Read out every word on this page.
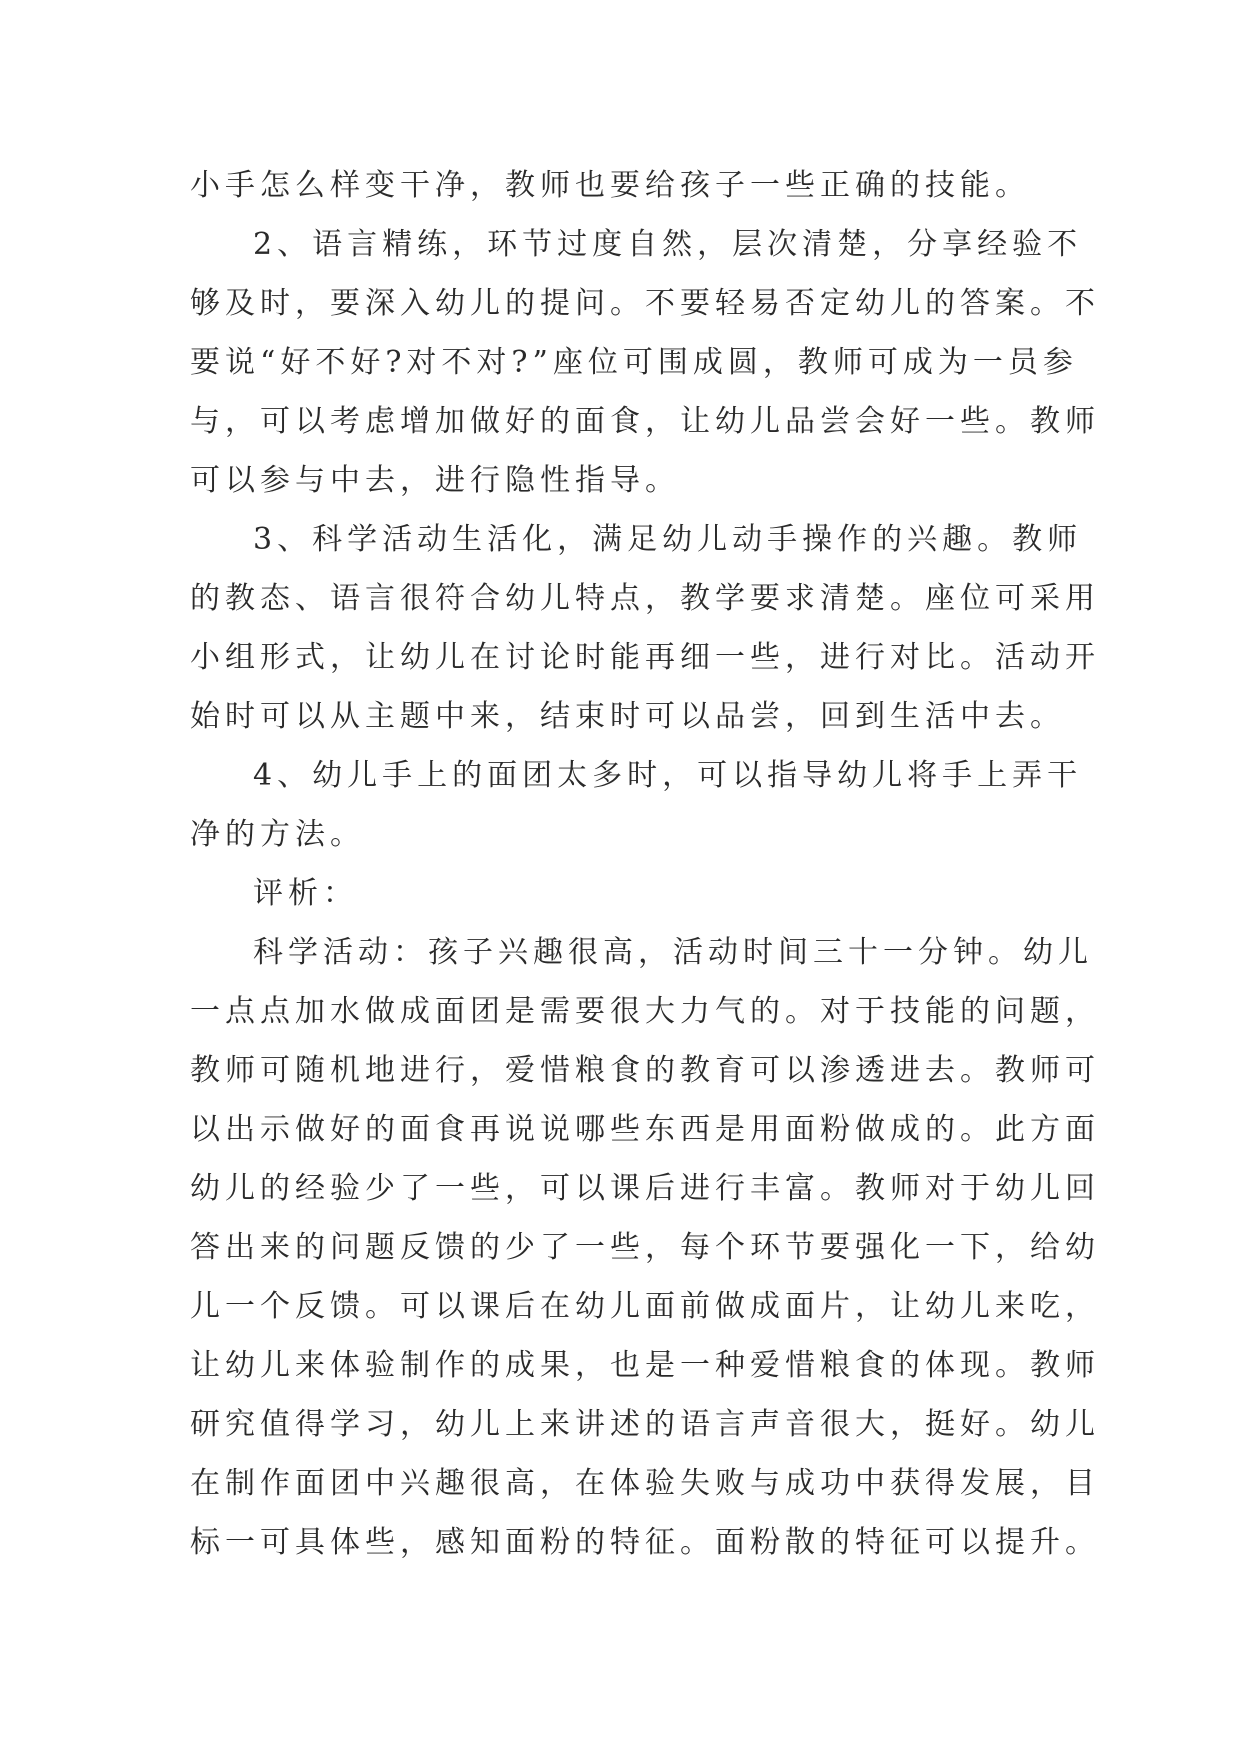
小手怎么样变干净，教师也要给孩子一些正确的技能。
2、语言精练，环节过度自然，层次清楚，分享经验不
够及时，要深入幼儿的提问。不要轻易否定幼儿的答案。不
要说“好不好?对不对?”座位可围成圆，教师可成为一员参
与，可以考虑增加做好的面食，让幼儿品尝会好一些。教师
可以参与中去，进行隐性指导。
3、科学活动生活化，满足幼儿动手操作的兴趣。教师
的教态、语言很符合幼儿特点，教学要求清楚。座位可采用
小组形式，让幼儿在讨论时能再细一些，进行对比。活动开
始时可以从主题中来，结束时可以品尝，回到生活中去。
4、幼儿手上的面团太多时，可以指导幼儿将手上弄干
净的方法。
评析：
科学活动：孩子兴趣很高，活动时间三十一分钟。幼儿
一点点加水做成面团是需要很大力气的。对于技能的问题，
教师可随机地进行，爱惜粮食的教育可以渗透进去。教师可
以出示做好的面食再说说哪些东西是用面粉做成的。此方面
幼儿的经验少了一些，可以课后进行丰富。教师对于幼儿回
答出来的问题反馈的少了一些，每个环节要强化一下，给幼
儿一个反馈。可以课后在幼儿面前做成面片，让幼儿来吃，
让幼儿来体验制作的成果，也是一种爱惜粮食的体现。教师
研究值得学习，幼儿上来讲述的语言声音很大，挺好。幼儿
在制作面团中兴趣很高，在体验失败与成功中获得发展，目
标一可具体些，感知面粉的特征。面粉散的特征可以提升。
